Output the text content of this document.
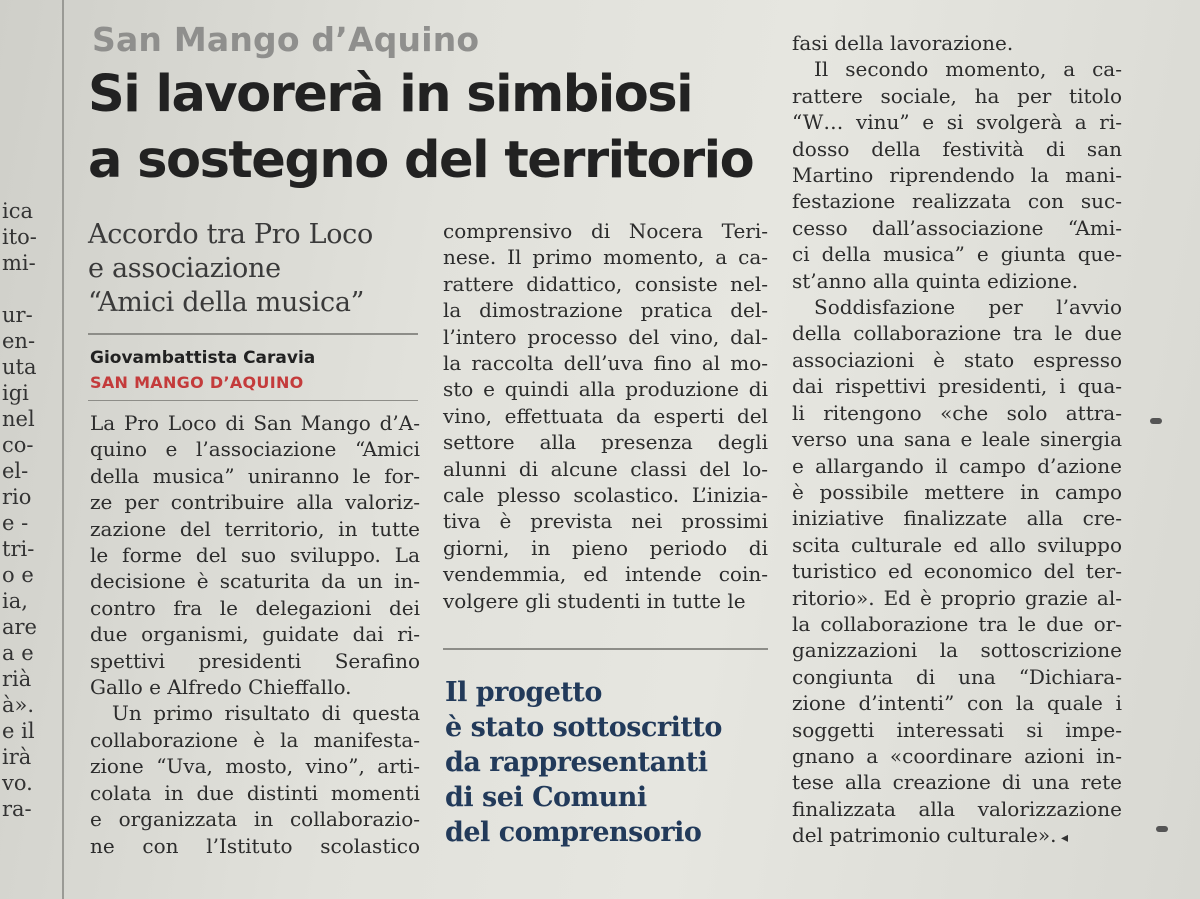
ica
ito-
mi-
ur-
en-
uta
igi
nel
co-
el-
rio
e -
tri-
o e
ia,
are
a e
rià
à».
e il
irà
vo.
ra-
San Mango d’Aquino
Si lavorerà in simbiosi
a sostegno del territorio
Accordo tra Pro Loco
e associazione
“Amici della musica”
Giovambattista Caravia
SAN MANGO D’AQUINO
La Pro Loco di San Mango d’A-
quino e l’associazione “Amici
della musica” uniranno le for-
ze per contribuire alla valoriz-
zazione del territorio, in tutte
le forme del suo sviluppo. La
decisione è scaturita da un in-
contro fra le delegazioni dei
due organismi, guidate dai ri-
spettivi presidenti Serafino
Gallo e Alfredo Chieffallo.
Un primo risultato di questa
collaborazione è la manifesta-
zione “Uva, mosto, vino”, arti-
colata in due distinti momenti
e organizzata in collaborazio-
ne con l’Istituto scolastico
comprensivo di Nocera Teri-
nese. Il primo momento, a ca-
rattere didattico, consiste nel-
la dimostrazione pratica del-
l’intero processo del vino, dal-
la raccolta dell’uva fino al mo-
sto e quindi alla produzione di
vino, effettuata da esperti del
settore alla presenza degli
alunni di alcune classi del lo-
cale plesso scolastico. L’inizia-
tiva è prevista nei prossimi
giorni, in pieno periodo di
vendemmia, ed intende coin-
volgere gli studenti in tutte le
Il progetto
è stato sottoscritto
da rappresentanti
di sei Comuni
del comprensorio
fasi della lavorazione.
Il secondo momento, a ca-
rattere sociale, ha per titolo
“W… vinu” e si svolgerà a ri-
dosso della festività di san
Martino riprendendo la mani-
festazione realizzata con suc-
cesso dall’associazione “Ami-
ci della musica” e giunta que-
st’anno alla quinta edizione.
Soddisfazione per l’avvio
della collaborazione tra le due
associazioni è stato espresso
dai rispettivi presidenti, i qua-
li ritengono «che solo attra-
verso una sana e leale sinergia
e allargando il campo d’azione
è possibile mettere in campo
iniziative finalizzate alla cre-
scita culturale ed allo sviluppo
turistico ed economico del ter-
ritorio». Ed è proprio grazie al-
la collaborazione tra le due or-
ganizzazioni la sottoscrizione
congiunta di una “Dichiara-
zione d’intenti” con la quale i
soggetti interessati si impe-
gnano a «coordinare azioni in-
tese alla creazione di una rete
finalizzata alla valorizzazione
del patrimonio culturale». ◂
